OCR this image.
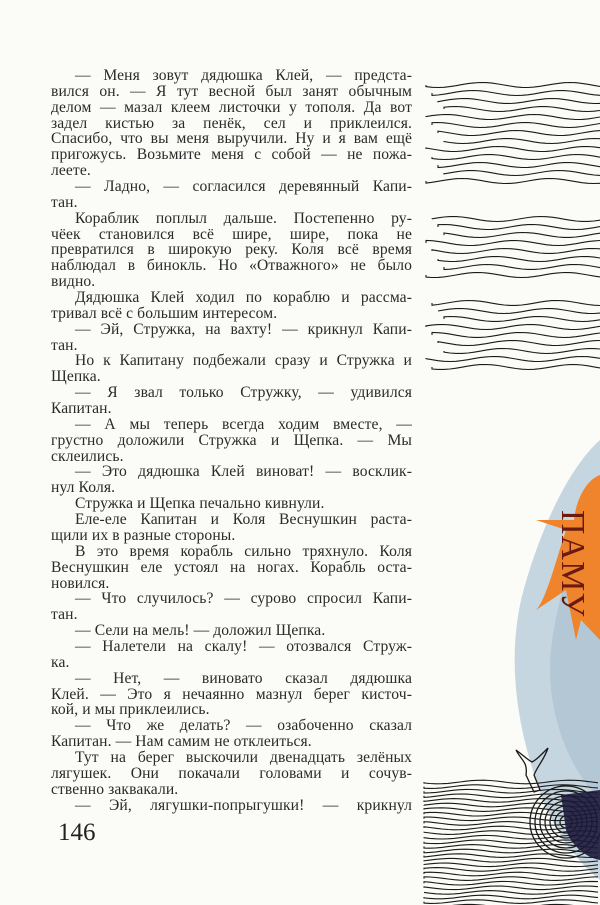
— Меня зовут дядюшка Клей, — предста-
вился он. — Я тут весной был занят обычным
делом — мазал клеем листочки у тополя. Да вот
задел кистью за пенёк, сел и приклеился.
Спасибо, что вы меня выручили. Ну и я вам ещё
пригожусь. Возьмите меня с собой — не пожа-
леете.
— Ладно, — согласился деревянный Капи-
тан.
Кораблик поплыл дальше. Постепенно ру-
чёек становился всё шире, шире, пока не
превратился в широкую реку. Коля всё время
наблюдал в бинокль. Но «Отважного» не было
видно.
Дядюшка Клей ходил по кораблю и рассма-
тривал всё с большим интересом.
— Эй, Стружка, на вахту! — крикнул Капи-
тан.
Но к Капитану подбежали сразу и Стружка и
Щепка.
— Я звал только Стружку, — удивился
Капитан.
— А мы теперь всегда ходим вместе, —
грустно доложили Стружка и Щепка. — Мы
склеились.
— Это дядюшка Клей виноват! — восклик-
нул Коля.
Стружка и Щепка печально кивнули.
Еле-еле Капитан и Коля Веснушкин раста-
щили их в разные стороны.
В это время корабль сильно тряхнуло. Коля
Веснушкин еле устоял на ногах. Корабль оста-
новился.
— Что случилось? — сурово спросил Капи-
тан.
— Сели на мель! — доложил Щепка.
— Налетели на скалу! — отозвался Струж-
ка.
— Нет, — виновато сказал дядюшка
Клей. — Это я нечаянно мазнул берег кисточ-
кой, и мы приклеились.
— Что же делать? — озабоченно сказал
Капитан. — Нам самим не отклеиться.
Тут на берег выскочили двенадцать зелёных
лягушек. Они покачали головами и сочув-
ственно заквакали.
— Эй, лягушки-попрыгушки! — крикнул
146
ПАМУ
